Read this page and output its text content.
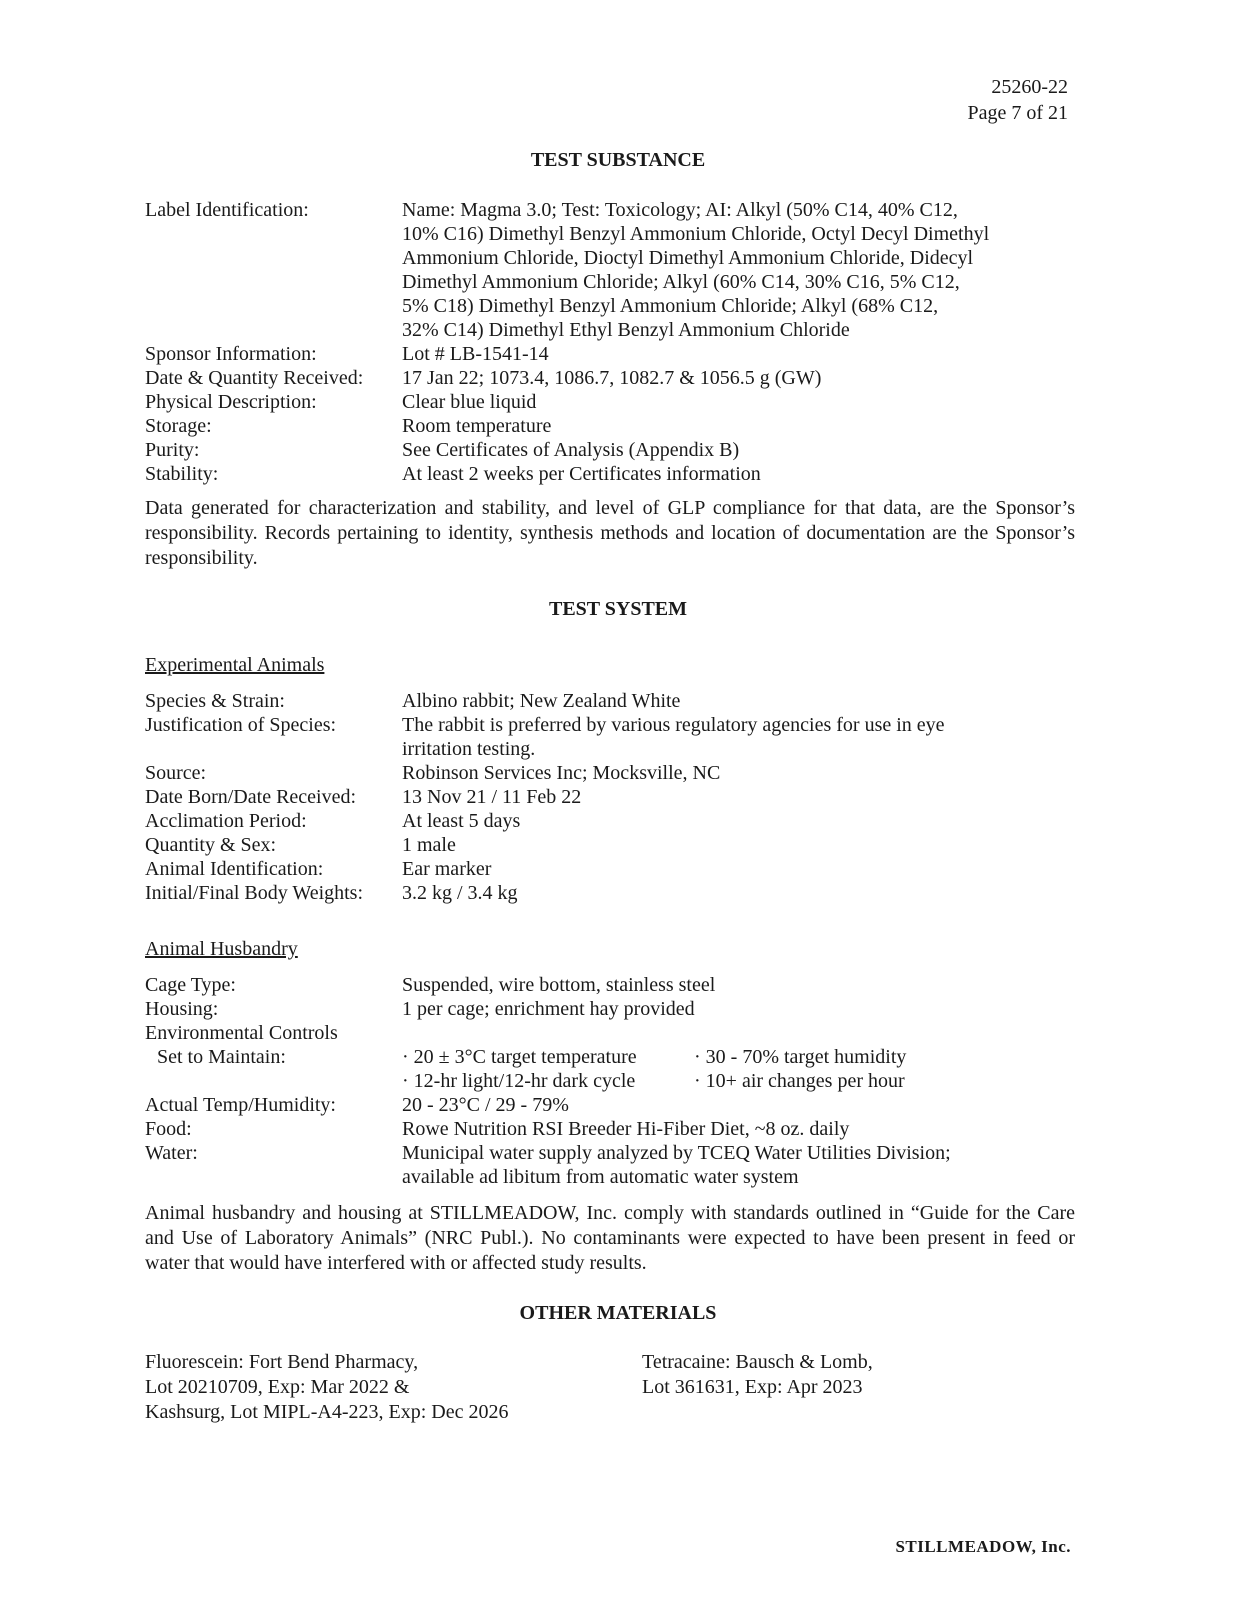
25260-22
Page 7 of 21
TEST SUBSTANCE
Label Identification:	Name: Magma 3.0; Test: Toxicology; AI: Alkyl (50% C14, 40% C12,
10% C16) Dimethyl Benzyl Ammonium Chloride, Octyl Decyl Dimethyl
Ammonium Chloride, Dioctyl Dimethyl Ammonium Chloride, Didecyl
Dimethyl Ammonium Chloride; Alkyl (60% C14, 30% C16, 5% C12,
5% C18) Dimethyl Benzyl Ammonium Chloride; Alkyl (68% C12,
32% C14) Dimethyl Ethyl Benzyl Ammonium Chloride
Sponsor Information:	Lot # LB-1541-14
Date & Quantity Received:	17 Jan 22; 1073.4, 1086.7, 1082.7 & 1056.5 g (GW)
Physical Description:	Clear blue liquid
Storage:	Room temperature
Purity:	See Certificates of Analysis (Appendix B)
Stability:	At least 2 weeks per Certificates information
Data generated for characterization and stability, and level of GLP compliance for that data, are the Sponsor’s responsibility. Records pertaining to identity, synthesis methods and location of documentation are the Sponsor’s responsibility.
TEST SYSTEM
Experimental Animals
Species & Strain:	Albino rabbit; New Zealand White
Justification of Species:	The rabbit is preferred by various regulatory agencies for use in eye
irritation testing.
Source:	Robinson Services Inc; Mocksville, NC
Date Born/Date Received:	13 Nov 21 / 11 Feb 22
Acclimation Period:	At least 5 days
Quantity & Sex:	1 male
Animal Identification:	Ear marker
Initial/Final Body Weights:	3.2 kg / 3.4 kg
Animal Husbandry
Cage Type:	Suspended, wire bottom, stainless steel
Housing:	1 per cage; enrichment hay provided
Environmental Controls
Set to Maintain:	· 20 ± 3°C target temperature	· 30 - 70% target humidity
· 12-hr light/12-hr dark cycle	· 10+ air changes per hour
Actual Temp/Humidity:	20 - 23°C / 29 - 79%
Food:	Rowe Nutrition RSI Breeder Hi-Fiber Diet, ~8 oz. daily
Water:	Municipal water supply analyzed by TCEQ Water Utilities Division;
available ad libitum from automatic water system
Animal husbandry and housing at STILLMEADOW, Inc. comply with standards outlined in “Guide for the Care and Use of Laboratory Animals” (NRC Publ.). No contaminants were expected to have been present in feed or water that would have interfered with or affected study results.
OTHER MATERIALS
Fluorescein: Fort Bend Pharmacy,
Lot 20210709, Exp: Mar 2022 &
Kashsurg, Lot MIPL-A4-223, Exp: Dec 2026
Tetracaine: Bausch & Lomb,
Lot 361631, Exp: Apr 2023
STILLMEADOW, Inc.
